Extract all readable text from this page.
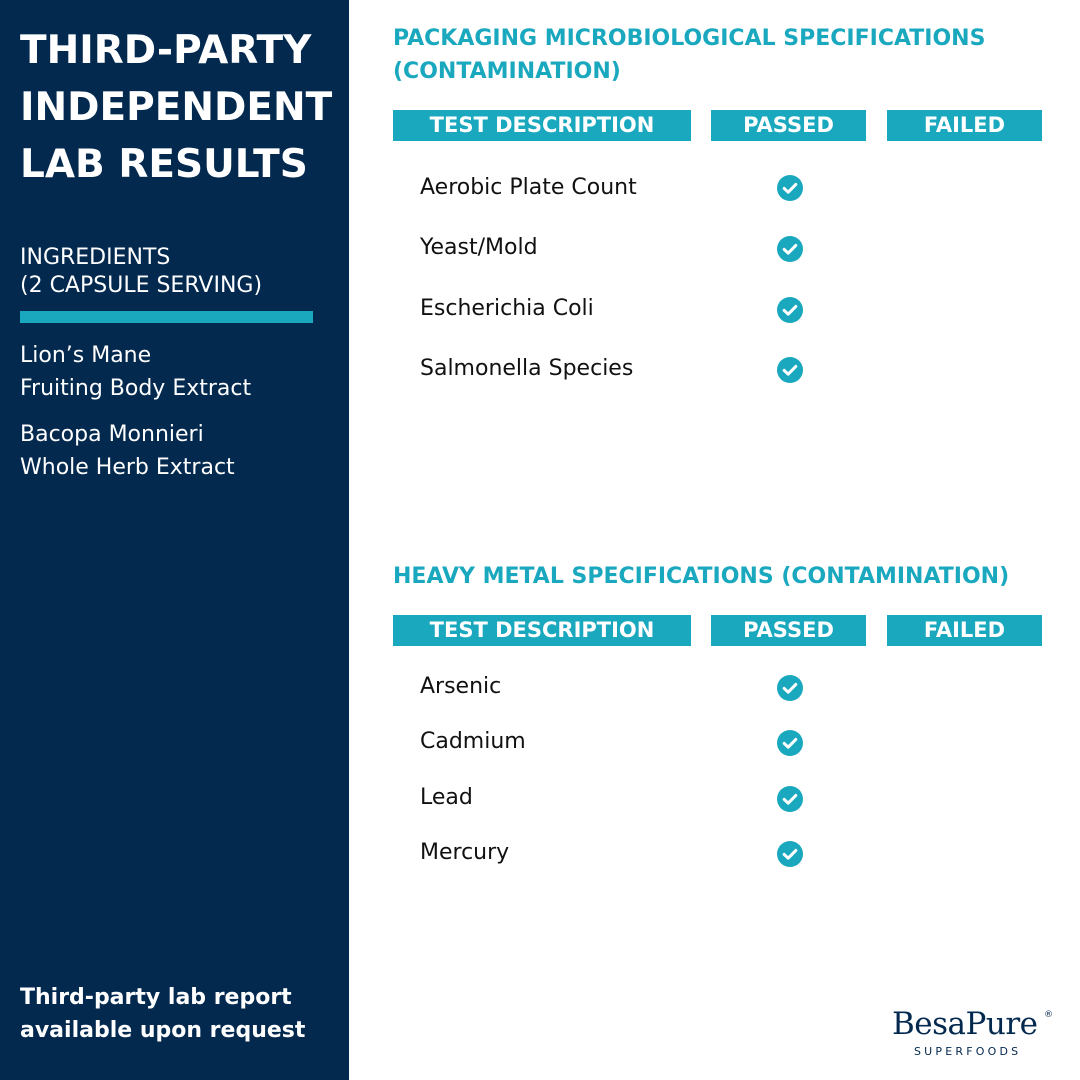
THIRD-PARTY INDEPENDENT LAB RESULTS
INGREDIENTS
(2 CAPSULE SERVING)
Lion’s Mane
Fruiting Body Extract
Bacopa Monnieri
Whole Herb Extract
Third-party lab report
available upon request
PACKAGING MICROBIOLOGICAL SPECIFICATIONS (CONTAMINATION)
TEST DESCRIPTION	PASSED	FAILED
Aerobic Plate Count
Yeast/Mold
Escherichia Coli
Salmonella Species
HEAVY METAL SPECIFICATIONS (CONTAMINATION)
TEST DESCRIPTION	PASSED	FAILED
Arsenic
Cadmium
Lead
Mercury
BesaPure ®
SUPERFOODS
